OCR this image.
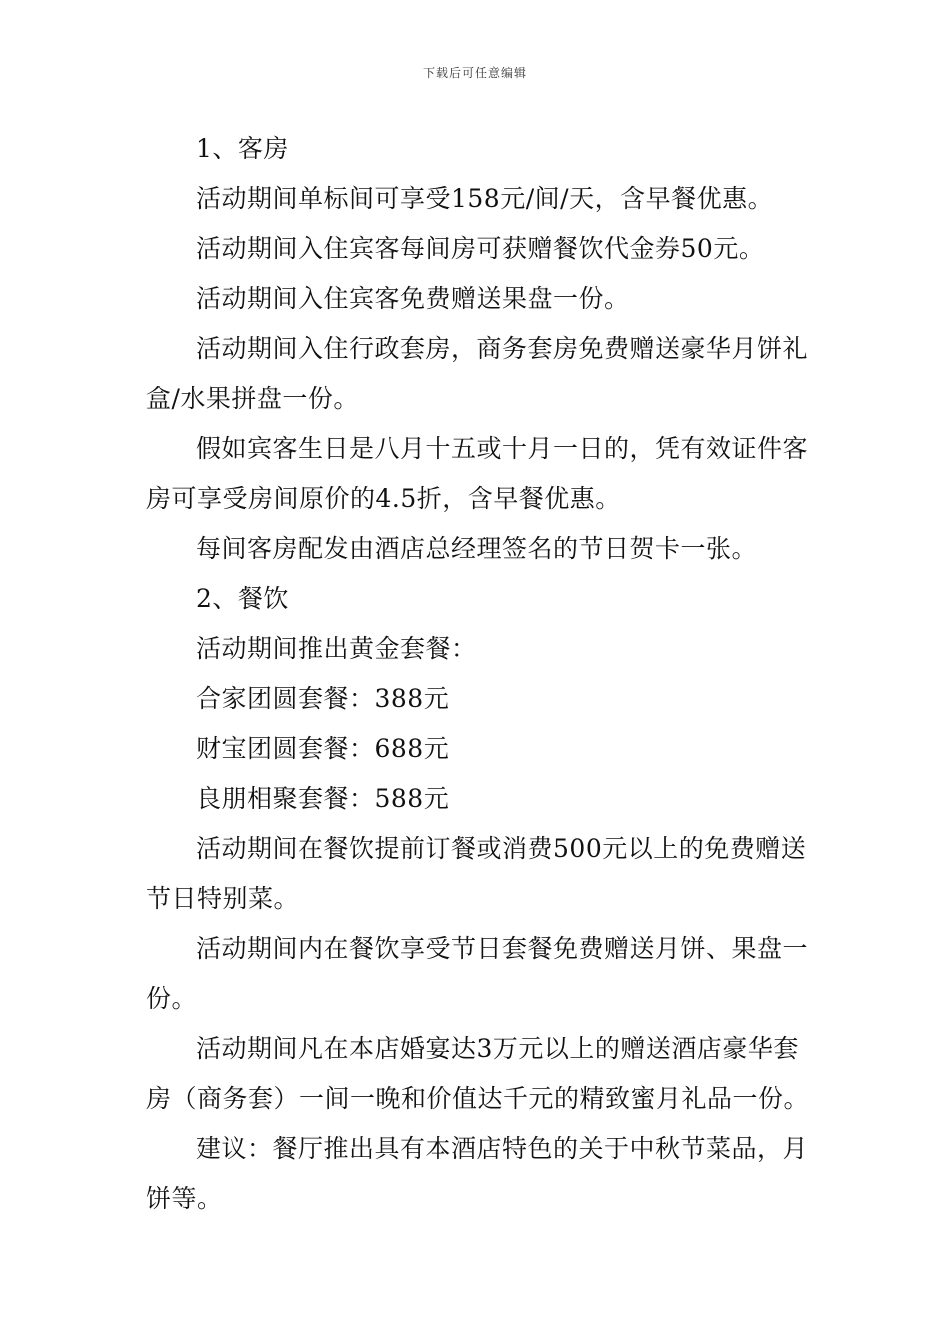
下载后可任意编辑

1、客房

活动期间单标间可享受158元/间/天，含早餐优惠。

活动期间入住宾客每间房可获赠餐饮代金券50元。

活动期间入住宾客免费赠送果盘一份。

活动期间入住行政套房，商务套房免费赠送豪华月饼礼盒/水果拼盘一份。

假如宾客生日是八月十五或十月一日的，凭有效证件客房可享受房间原价的4.5折，含早餐优惠。

每间客房配发由酒店总经理签名的节日贺卡一张。

2、餐饮

活动期间推出黄金套餐：

合家团圆套餐：388元

财宝团圆套餐：688元

良朋相聚套餐：588元

活动期间在餐饮提前订餐或消费500元以上的免费赠送节日特别菜。

活动期间内在餐饮享受节日套餐免费赠送月饼、果盘一份。

活动期间凡在本店婚宴达3万元以上的赠送酒店豪华套房（商务套）一间一晚和价值达千元的精致蜜月礼品一份。

建议：餐厅推出具有本酒店特色的关于中秋节菜品，月饼等。
